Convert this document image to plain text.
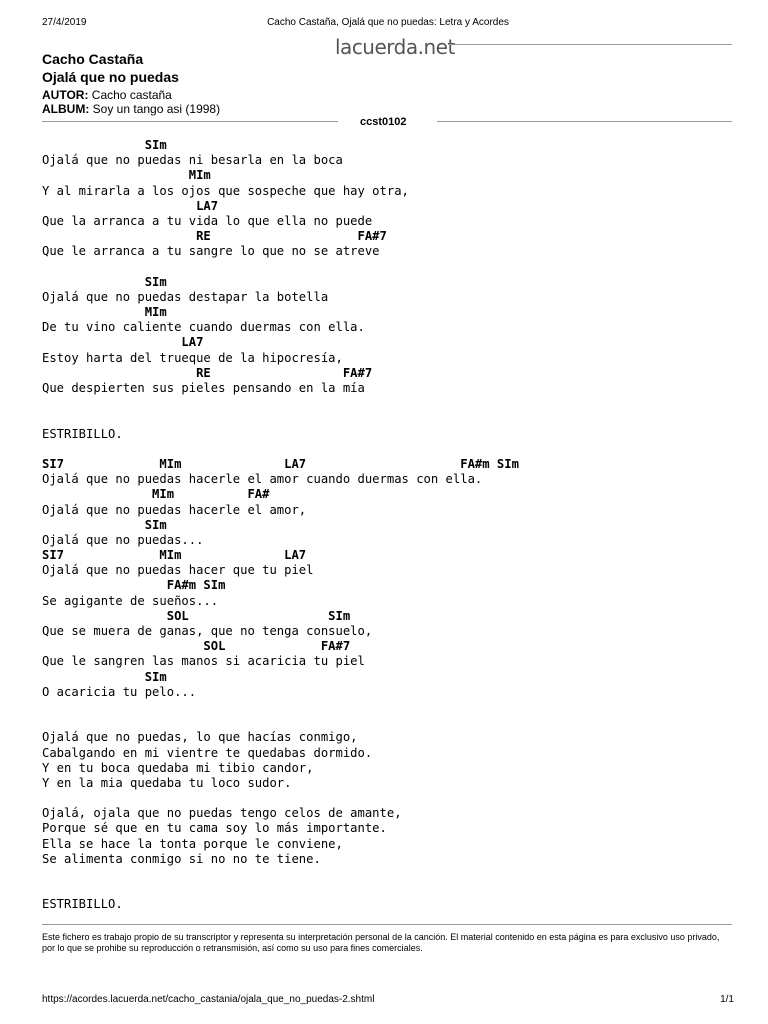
27/4/2019	Cacho Castaña, Ojalá que no puedas: Letra y Acordes
lacuerda.net
Cacho Castaña
Ojalá que no puedas
AUTOR: Cacho castaña
ALBUM: Soy un tango asi (1998)
ccst0102
SIm
Ojalá que no puedas ni besarla en la boca
MIm
Y al mirarla a los ojos que sospeche que hay otra,
LA7
Que la arranca a tu vida lo que ella no puede
RE                    FA#7
Que le arranca a tu sangre lo que no se atreve
SIm
Ojalá que no puedas destapar la botella
MIm
De tu vino caliente cuando duermas con ella.
LA7
Estoy harta del trueque de la hipocresía,
RE                  FA#7
Que despierten sus pieles pensando en la mía
ESTRIBILLO.
SI7             MIm              LA7                     FA#m SIm
Ojalá que no puedas hacerle el amor cuando duermas con ella.
MIm          FA#
Ojalá que no puedas hacerle el amor,
SIm
Ojalá que no puedas...
SI7             MIm              LA7
Ojalá que no puedas hacer que tu piel
FA#m SIm
Se agigante de sueños...
SOL                   SIm
Que se muera de ganas, que no tenga consuelo,
SOL             FA#7
Que le sangren las manos si acaricia tu piel
SIm
O acaricia tu pelo...
Ojalá que no puedas, lo que hacías conmigo,
Cabalgando en mi vientre te quedabas dormido.
Y en tu boca quedaba mi tibio candor,
Y en la mia quedaba tu loco sudor.
Ojalá, ojala que no puedas tengo celos de amante,
Porque sé que en tu cama soy lo más importante.
Ella se hace la tonta porque le conviene,
Se alimenta conmigo si no no te tiene.
ESTRIBILLO.
Este fichero es trabajo propio de su transcriptor y representa su interpretación personal de la canción. El material contenido en esta página es para exclusivo uso privado, por lo que se prohibe su reproducción o retransmisión, así como su uso para fines comerciales.
https://acordes.lacuerda.net/cacho_castania/ojala_que_no_puedas-2.shtml	1/1
